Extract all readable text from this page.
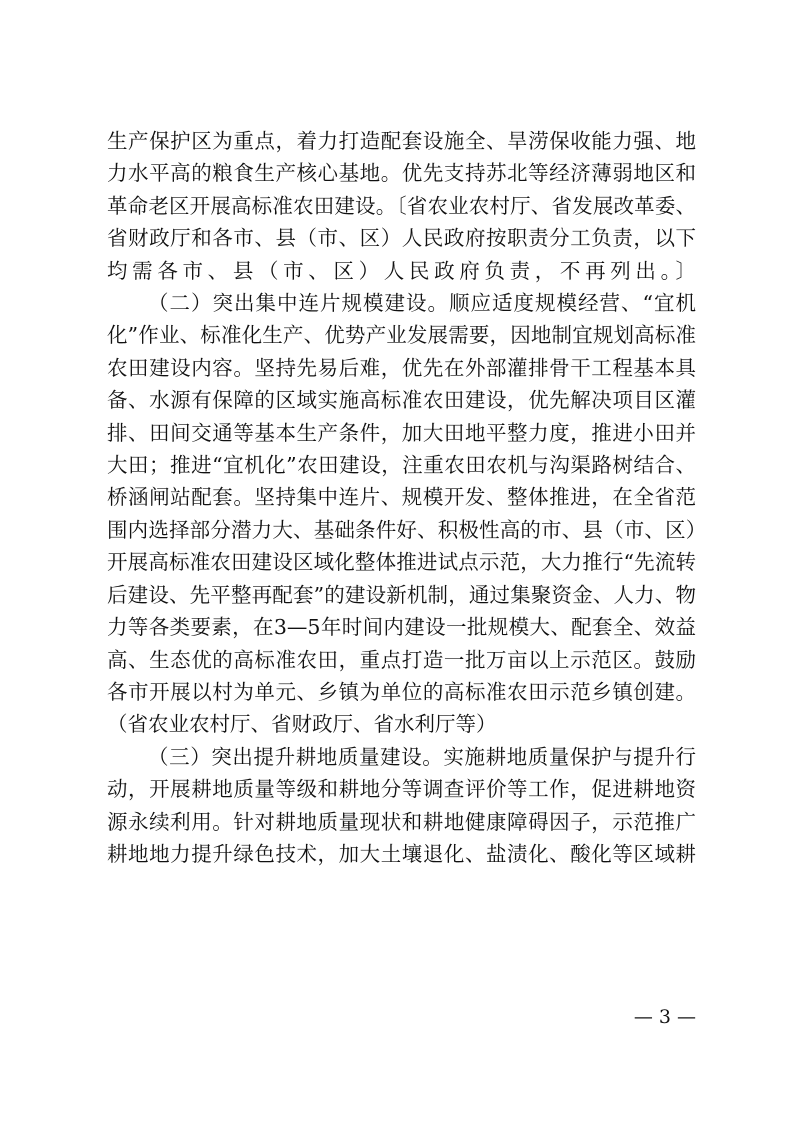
生产保护区为重点，着力打造配套设施全、旱涝保收能力强、地力水平高的粮食生产核心基地。优先支持苏北等经济薄弱地区和革命老区开展高标准农田建设。〔省农业农村厅、省发展改革委、省财政厅和各市、县（市、区）人民政府按职责分工负责，以下均需各市、县（市、区）人民政府负责，不再列出。〕

（二）突出集中连片规模建设。顺应适度规模经营、“宜机化”作业、标准化生产、优势产业发展需要，因地制宜规划高标准农田建设内容。坚持先易后难，优先在外部灌排骨干工程基本具备、水源有保障的区域实施高标准农田建设，优先解决项目区灌排、田间交通等基本生产条件，加大田地平整力度，推进小田并大田；推进“宜机化”农田建设，注重农田农机与沟渠路树结合、桥涵闸站配套。坚持集中连片、规模开发、整体推进，在全省范围内选择部分潜力大、基础条件好、积极性高的市、县（市、区）开展高标准农田建设区域化整体推进试点示范，大力推行“先流转后建设、先平整再配套”的建设新机制，通过集聚资金、人力、物力等各类要素，在3—5年时间内建设一批规模大、配套全、效益高、生态优的高标准农田，重点打造一批万亩以上示范区。鼓励各市开展以村为单元、乡镇为单位的高标准农田示范乡镇创建。（省农业农村厅、省财政厅、省水利厅等）

（三）突出提升耕地质量建设。实施耕地质量保护与提升行动，开展耕地质量等级和耕地分等调查评价等工作，促进耕地资源永续利用。针对耕地质量现状和耕地健康障碍因子，示范推广耕地地力提升绿色技术，加大土壤退化、盐渍化、酸化等区域耕

— 3 —
